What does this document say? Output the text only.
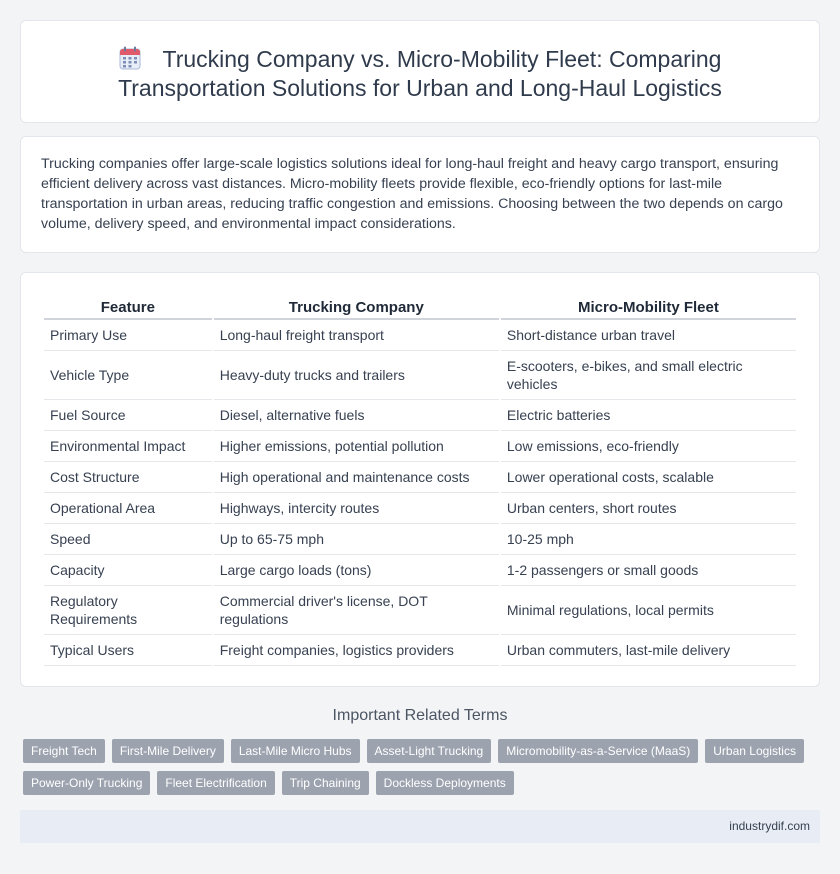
Trucking Company vs. Micro-Mobility Fleet: Comparing
Transportation Solutions for Urban and Long-Haul Logistics

Trucking companies offer large-scale logistics solutions ideal for long-haul freight and heavy cargo transport, ensuring efficient delivery across vast distances. Micro-mobility fleets provide flexible, eco-friendly options for last-mile transportation in urban areas, reducing traffic congestion and emissions. Choosing between the two depends on cargo volume, delivery speed, and environmental impact considerations.

Feature	Trucking Company	Micro-Mobility Fleet
Primary Use	Long-haul freight transport	Short-distance urban travel
Vehicle Type	Heavy-duty trucks and trailers	E-scooters, e-bikes, and small electric vehicles
Fuel Source	Diesel, alternative fuels	Electric batteries
Environmental Impact	Higher emissions, potential pollution	Low emissions, eco-friendly
Cost Structure	High operational and maintenance costs	Lower operational costs, scalable
Operational Area	Highways, intercity routes	Urban centers, short routes
Speed	Up to 65-75 mph	10-25 mph
Capacity	Large cargo loads (tons)	1-2 passengers or small goods
Regulatory Requirements	Commercial driver's license, DOT regulations	Minimal regulations, local permits
Typical Users	Freight companies, logistics providers	Urban commuters, last-mile delivery
Important Related Terms
Freight Tech	First-Mile Delivery	Last-Mile Micro Hubs	Asset-Light Trucking	Micromobility-as-a-Service (MaaS)	Urban Logistics
Power-Only Trucking	Fleet Electrification	Trip Chaining	Dockless Deployments
industrydif.com
